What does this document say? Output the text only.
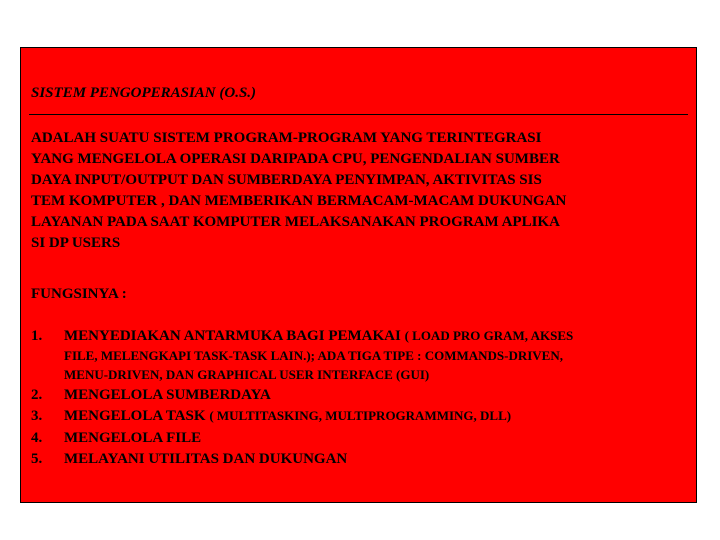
SISTEM PENGOPERASIAN (O.S.)
ADALAH SUATU SISTEM PROGRAM-PROGRAM YANG TERINTEGRASI
YANG MENGELOLA OPERASI DARIPADA CPU, PENGENDALIAN SUMBER
DAYA INPUT/OUTPUT DAN SUMBERDAYA PENYIMPAN, AKTIVITAS SIS
TEM KOMPUTER , DAN MEMBERIKAN BERMACAM-MACAM DUKUNGAN
LAYANAN PADA SAAT KOMPUTER MELAKSANAKAN PROGRAM APLIKA
SI DP USERS
FUNGSINYA :
1. MENYEDIAKAN ANTARMUKA BAGI PEMAKAI ( LOAD PRO GRAM, AKSES
FILE, MELENGKAPI TASK-TASK LAIN.); ADA TIGA TIPE : COMMANDS-DRIVEN,
MENU-DRIVEN, DAN GRAPHICAL USER INTERFACE (GUI)
2. MENGELOLA SUMBERDAYA
3. MENGELOLA TASK ( MULTITASKING, MULTIPROGRAMMING, DLL)
4. MENGELOLA FILE
5. MELAYANI UTILITAS DAN DUKUNGAN
